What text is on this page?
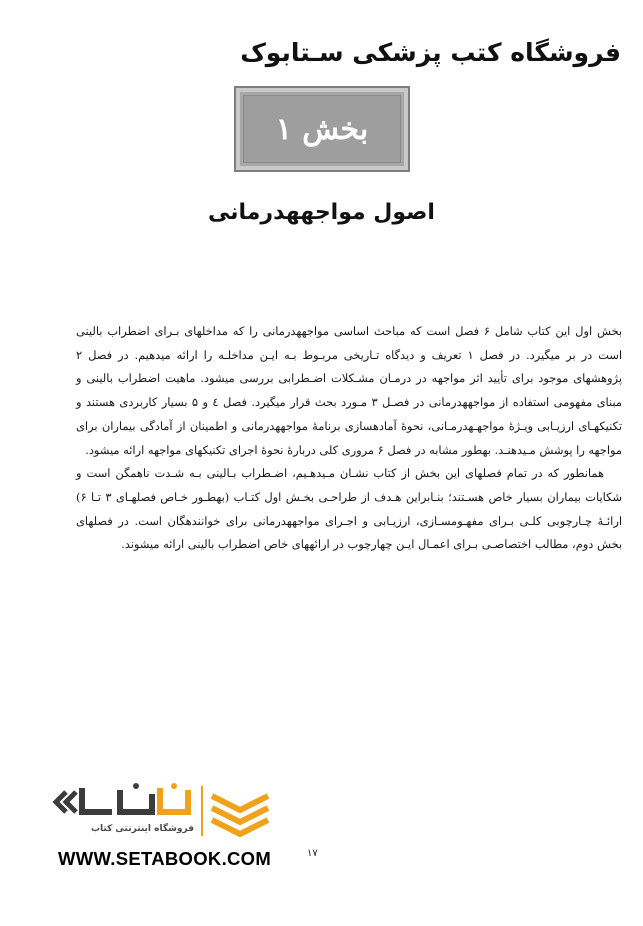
فروشگاه کتب پزشکی سـتابوک
بخش ۱
اصول مواجههدرمانی

بخش اول این کتاب شامل ۶ فصل است که مباحث اساسی مواجههدرمانی را که مداخلهای بـرای اضطراب بالینی است در بر میگیرد. در فصل ۱ تعریف و دیدگاه تـاریخی مربـوط بـه ایـن مداخلـه را ارائه میدهیم. در فصل ۲ پژوهشهای موجود برای تأیید اثر مواجهه در درمـان مشـکلات اضـطرابی بررسی میشود. ماهیت اضطراب بالینی و مبنای مفهومی استفاده از مواجههدرمانی در فصـل ۳ مـورد بحث قرار میگیرد. فصل ٤ و ۵ بسیار کاربردی هستند و تکنیکهـای ارزیـابی ویـژۀ مواجهـهدرمـانی، نحوۀ آمادهسازی برنامۀ مواجههدرمانی و اطمینان از آمادگی بیماران برای مواجهه را پوشش مـیدهنـد. بهطور مشابه در فصل ۶ مروری کلی دربارۀ نحوۀ اجرای تکنیکهای مواجهه ارائه میشود.

همانطور که در تمام فصلهای این بخش از کتاب نشـان مـیدهـیم، اضـطراب بـالینی بـه شـدت ناهمگن است و شکایات بیماران بسیار خاص هسـتند؛ بنـابراین هـدف از طراحـی بخـش اول کتـاب (بهطـور خـاص فصلهـای ۳ تـا ۶) ارائـۀ چـارچوبی کلـی بـرای مفهـومسـازی، ارزیـابی و اجـرای مواجههدرمانی برای خوانندهگان است. در فصلهای بخش دوم، مطالب اختصاصـی بـرای اعمـال ایـن چهارچوب در ارائههای خاص اضطراب بالینی ارائه میشوند.

فروشگاه اینترنتی کتاب
WWW.SETABOOK.COM	۱۷
